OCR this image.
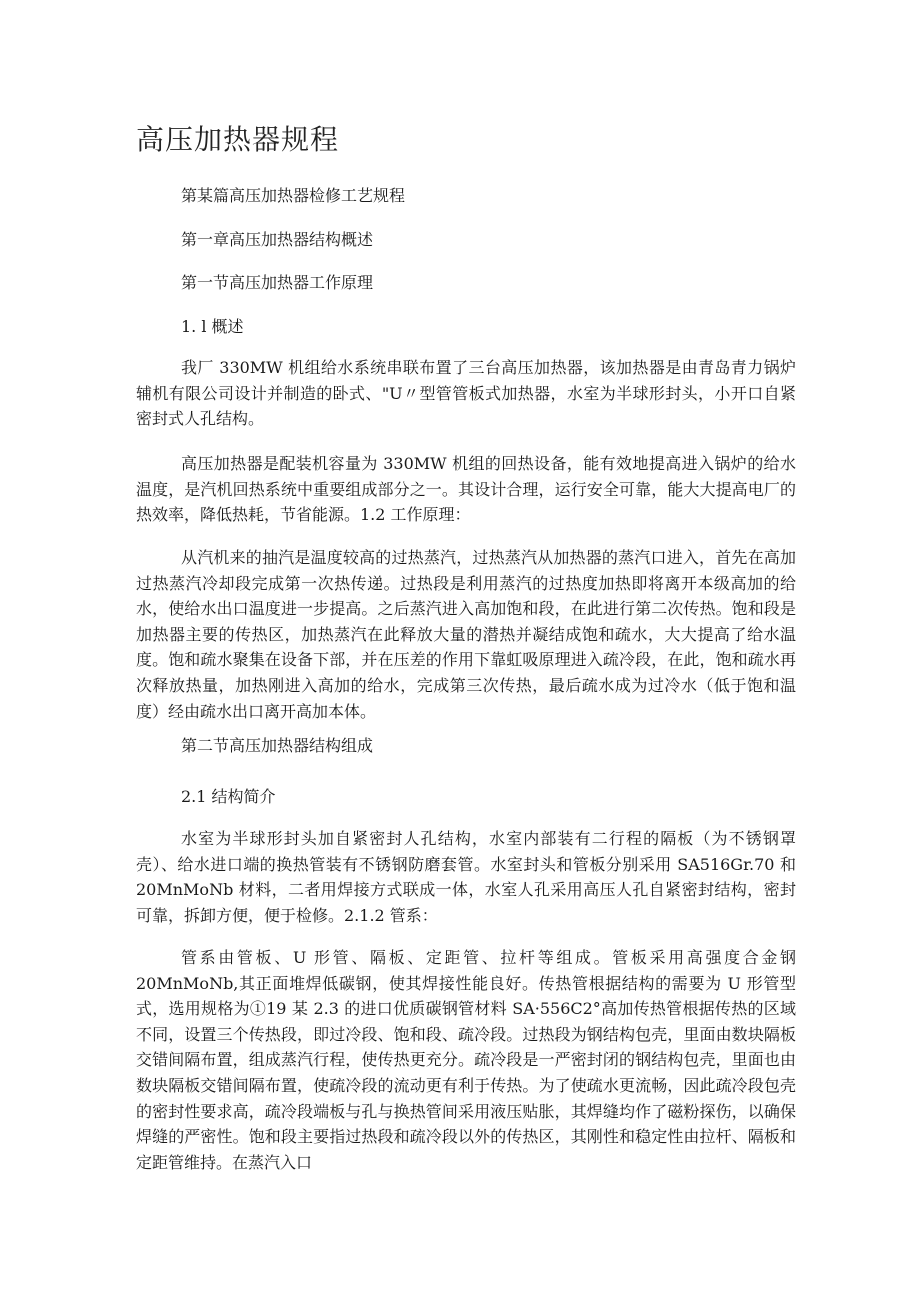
高压加热器规程

第某篇高压加热器检修工艺规程

第一章高压加热器结构概述

第一节高压加热器工作原理

1. l 概述

我厂 330MW 机组给水系统串联布置了三台高压加热器，该加热器是由青岛青力锅炉辅机有限公司设计并制造的卧式、"U〃型管管板式加热器，水室为半球形封头，小开口自紧密封式人孔结构。

高压加热器是配装机容量为 330MW 机组的回热设备，能有效地提高进入锅炉的给水温度，是汽机回热系统中重要组成部分之一。其设计合理，运行安全可靠，能大大提高电厂的热效率，降低热耗，节省能源。1.2 工作原理：

从汽机来的抽汽是温度较高的过热蒸汽，过热蒸汽从加热器的蒸汽口进入，首先在高加过热蒸汽冷却段完成第一次热传递。过热段是利用蒸汽的过热度加热即将离开本级高加的给水，使给水出口温度进一步提高。之后蒸汽进入高加饱和段，在此进行第二次传热。饱和段是加热器主要的传热区，加热蒸汽在此释放大量的潜热并凝结成饱和疏水，大大提高了给水温度。饱和疏水聚集在设备下部，并在压差的作用下靠虹吸原理进入疏冷段，在此，饱和疏水再次释放热量，加热刚进入高加的给水，完成第三次传热，最后疏水成为过冷水（低于饱和温度）经由疏水出口离开高加本体。

第二节高压加热器结构组成

2.1 结构简介

水室为半球形封头加自紧密封人孔结构，水室内部装有二行程的隔板（为不锈钢罩壳）、给水进口端的换热管装有不锈钢防磨套管。水室封头和管板分别采用 SA516Gr.70 和 20MnMoNb 材料，二者用焊接方式联成一体，水室人孔采用高压人孔自紧密封结构，密封可靠，拆卸方便，便于检修。2.1.2 管系：

管系由管板、U 形管、隔板、定距管、拉杆等组成。管板采用高强度合金钢 20MnMoNb,其正面堆焊低碳钢，使其焊接性能良好。传热管根据结构的需要为 U 形管型式，选用规格为①19 某 2.3 的进口优质碳钢管材料 SA·556C2°高加传热管根据传热的区域不同，设置三个传热段，即过冷段、饱和段、疏冷段。过热段为钢结构包壳，里面由数块隔板交错间隔布置，组成蒸汽行程，使传热更充分。疏冷段是一严密封闭的钢结构包壳，里面也由数块隔板交错间隔布置，使疏冷段的流动更有利于传热。为了使疏水更流畅，因此疏冷段包壳的密封性要求高，疏冷段端板与孔与换热管间采用液压贴胀，其焊缝均作了磁粉探伤，以确保焊缝的严密性。饱和段主要指过热段和疏冷段以外的传热区，其刚性和稳定性由拉杆、隔板和定距管维持。在蒸汽入口
